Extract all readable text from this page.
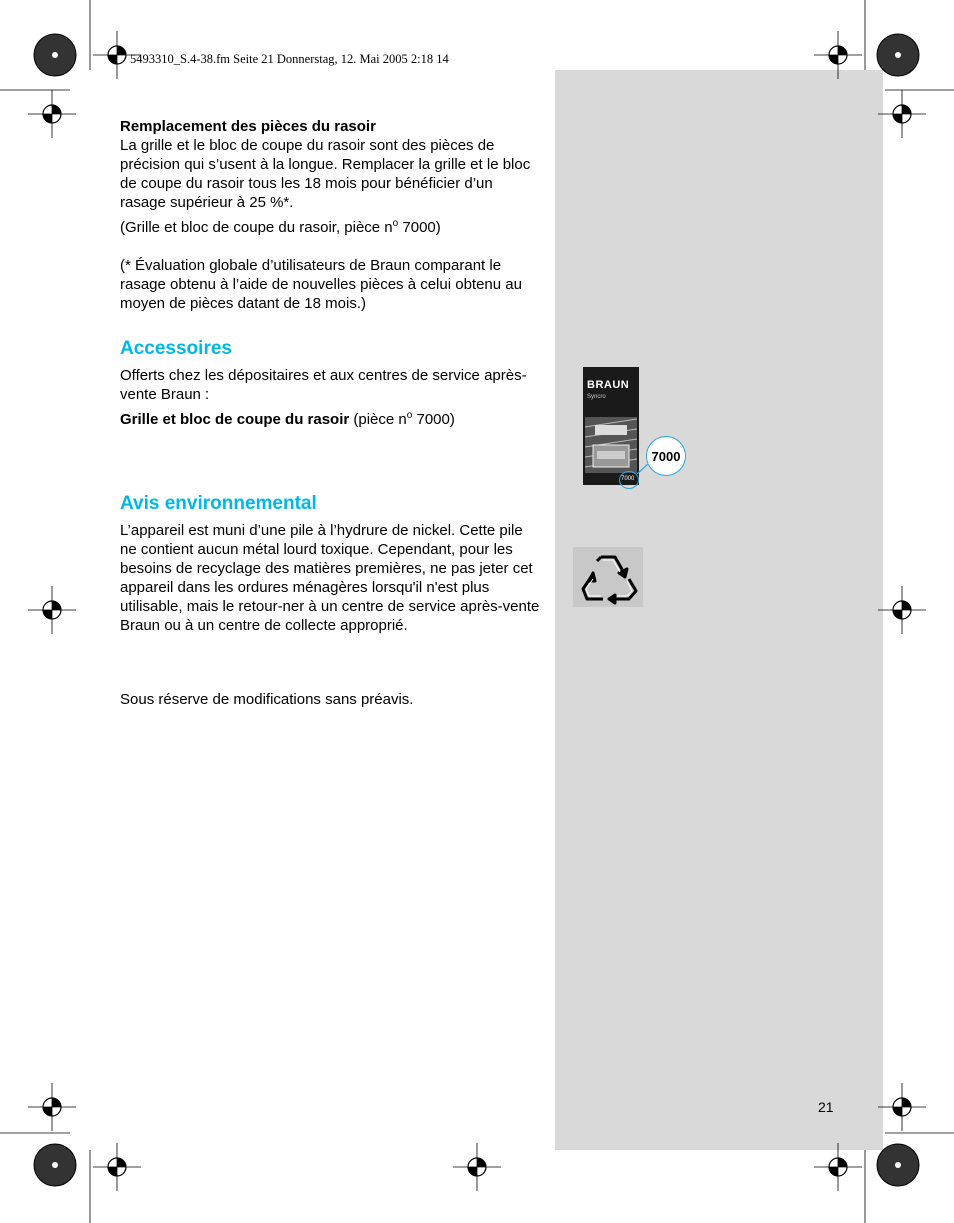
5493310_S.4-38.fm Seite 21 Donnerstag, 12. Mai 2005 2:18 14

Remplacement des pièces du rasoir

La grille et le bloc de coupe du rasoir sont des pièces de précision qui s’usent à la longue. Remplacer la grille et le bloc de coupe du rasoir tous les 18 mois pour bénéficier d’un rasage supérieur à 25 %*.

(Grille et bloc de coupe du rasoir, pièce $n^o$ 7000)

(* Évaluation globale d’utilisateurs de Braun comparant le rasage obtenu à l’aide de nouvelles pièces à celui obtenu au moyen de pièces datant de 18 mois.)

Accessoires

Offerts chez les dépositaires et aux centres de service après-vente Braun :

Grille et bloc de coupe du rasoir (pièce $n^o$ 7000)

Avis environnemental

L’appareil est muni d’une pile à l’hydrure de nickel. Cette pile ne contient aucun métal lourd toxique. Cependant, pour les besoins de recyclage des matières premières, ne pas jeter cet appareil dans les ordures ménagères lorsqu'il n'est plus utilisable, mais le retour-ner à un centre de service après-vente Braun ou à un centre de collecte approprié.

Sous réserve de modifications sans préavis.
BRAUN
Syncro
7000
7000
21
